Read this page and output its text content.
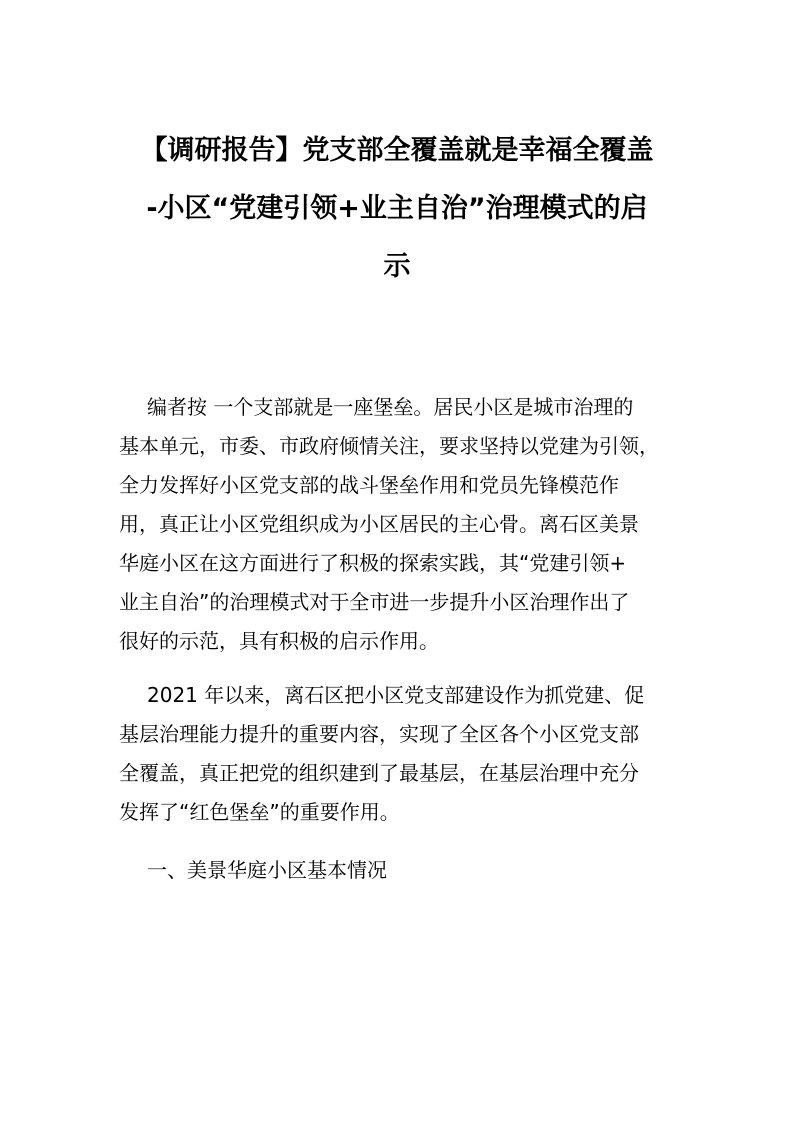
【调研报告】党支部全覆盖就是幸福全覆盖
-小区“党建引领+业主自治”治理模式的启
示
编者按 一个支部就是一座堡垒。居民小区是城市治理的
基本单元，市委、市政府倾情关注，要求坚持以党建为引领，
全力发挥好小区党支部的战斗堡垒作用和党员先锋模范作
用，真正让小区党组织成为小区居民的主心骨。离石区美景
华庭小区在这方面进行了积极的探索实践，其“党建引领+
业主自治”的治理模式对于全市进一步提升小区治理作出了
很好的示范，具有积极的启示作用。
2021 年以来，离石区把小区党支部建设作为抓党建、促
基层治理能力提升的重要内容，实现了全区各个小区党支部
全覆盖，真正把党的组织建到了最基层，在基层治理中充分
发挥了“红色堡垒”的重要作用。
一、美景华庭小区基本情况
